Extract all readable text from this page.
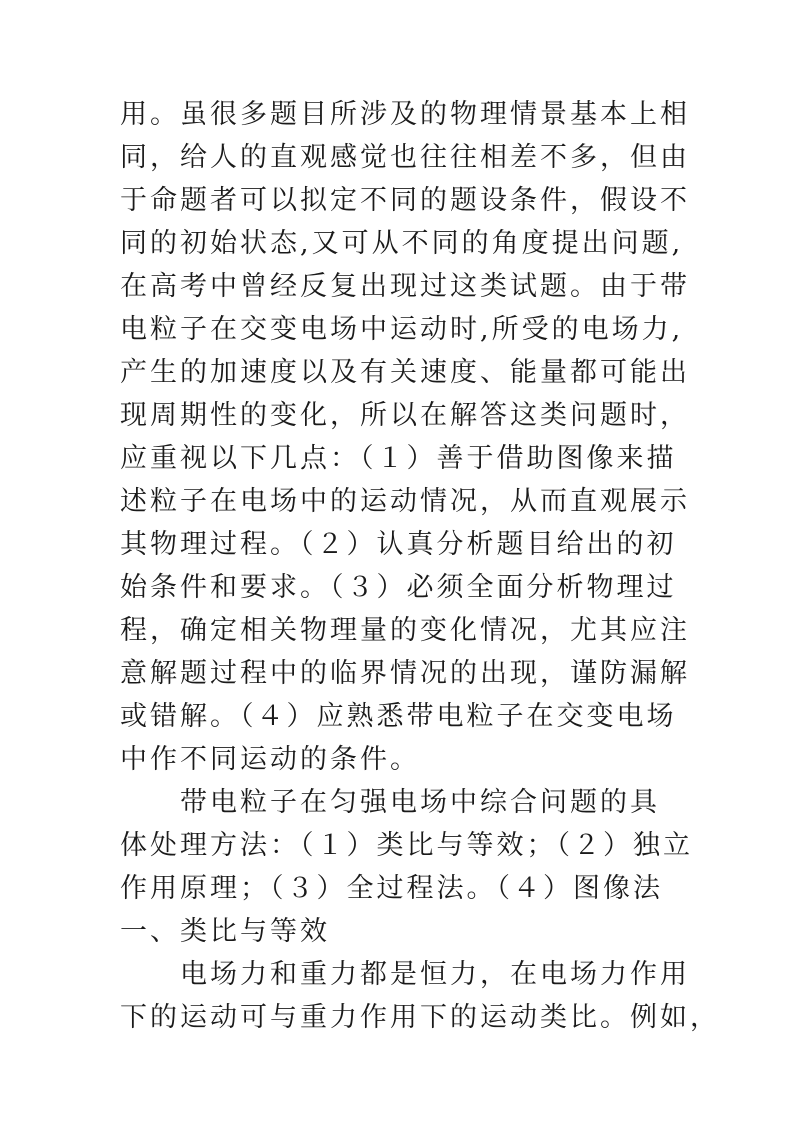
用。虽很多题目所涉及的物理情景基本上相
同，给人的直观感觉也往往相差不多，但由
于命题者可以拟定不同的题设条件，假设不
同的初始状态,又可从不同的角度提出问题,
在高考中曾经反复出现过这类试题。由于带
电粒子在交变电场中运动时,所受的电场力,
产生的加速度以及有关速度、能量都可能出
现周期性的变化，所以在解答这类问题时，
应重视以下几点：（１）善于借助图像来描
述粒子在电场中的运动情况，从而直观展示
其物理过程。（２）认真分析题目给出的初
始条件和要求。（３）必须全面分析物理过
程，确定相关物理量的变化情况，尤其应注
意解题过程中的临界情况的出现，谨防漏解
或错解。（４）应熟悉带电粒子在交变电场
中作不同运动的条件。
带电粒子在匀强电场中综合问题的具
体处理方法：（１）类比与等效；（２）独立
作用原理；（３）全过程法。（４）图像法
一、类比与等效
电场力和重力都是恒力，在电场力作用
下的运动可与重力作用下的运动类比。例如，
